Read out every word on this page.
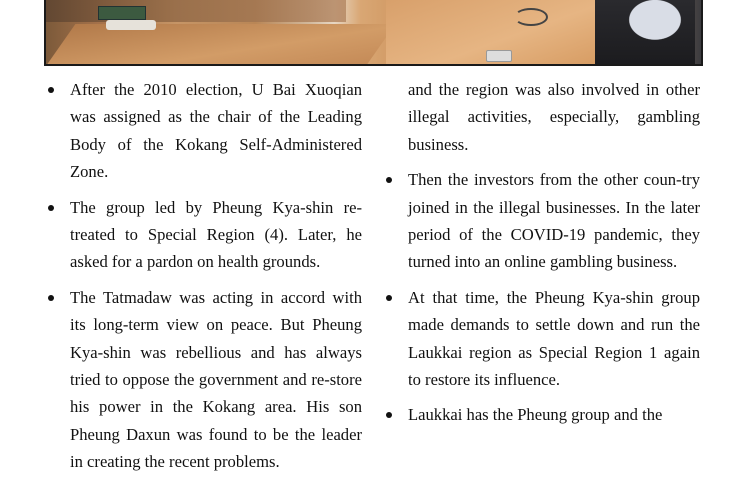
After the 2010 election, U Bai Xuoqian was assigned as the chair of the Leading Body of the Kokang Self-Administered Zone.
The group led by Pheung Kya-shin re-treated to Special Region (4). Later, he asked for a pardon on health grounds.
The Tatmadaw was acting in accord with its long-term view on peace. But Pheung Kya-shin was rebellious and has always tried to oppose the government and re-store his power in the Kokang area. His son Pheung Daxun was found to be the leader in creating the recent problems.
and the region was also involved in other illegal activities, especially, gambling business.
Then the investors from the other coun-try joined in the illegal businesses. In the later period of the COVID-19 pandemic, they turned into an online gambling business.
At that time, the Pheung Kya-shin group made demands to settle down and run the Laukkai region as Special Region 1 again to restore its influence.
Laukkai has the Pheung group and the
